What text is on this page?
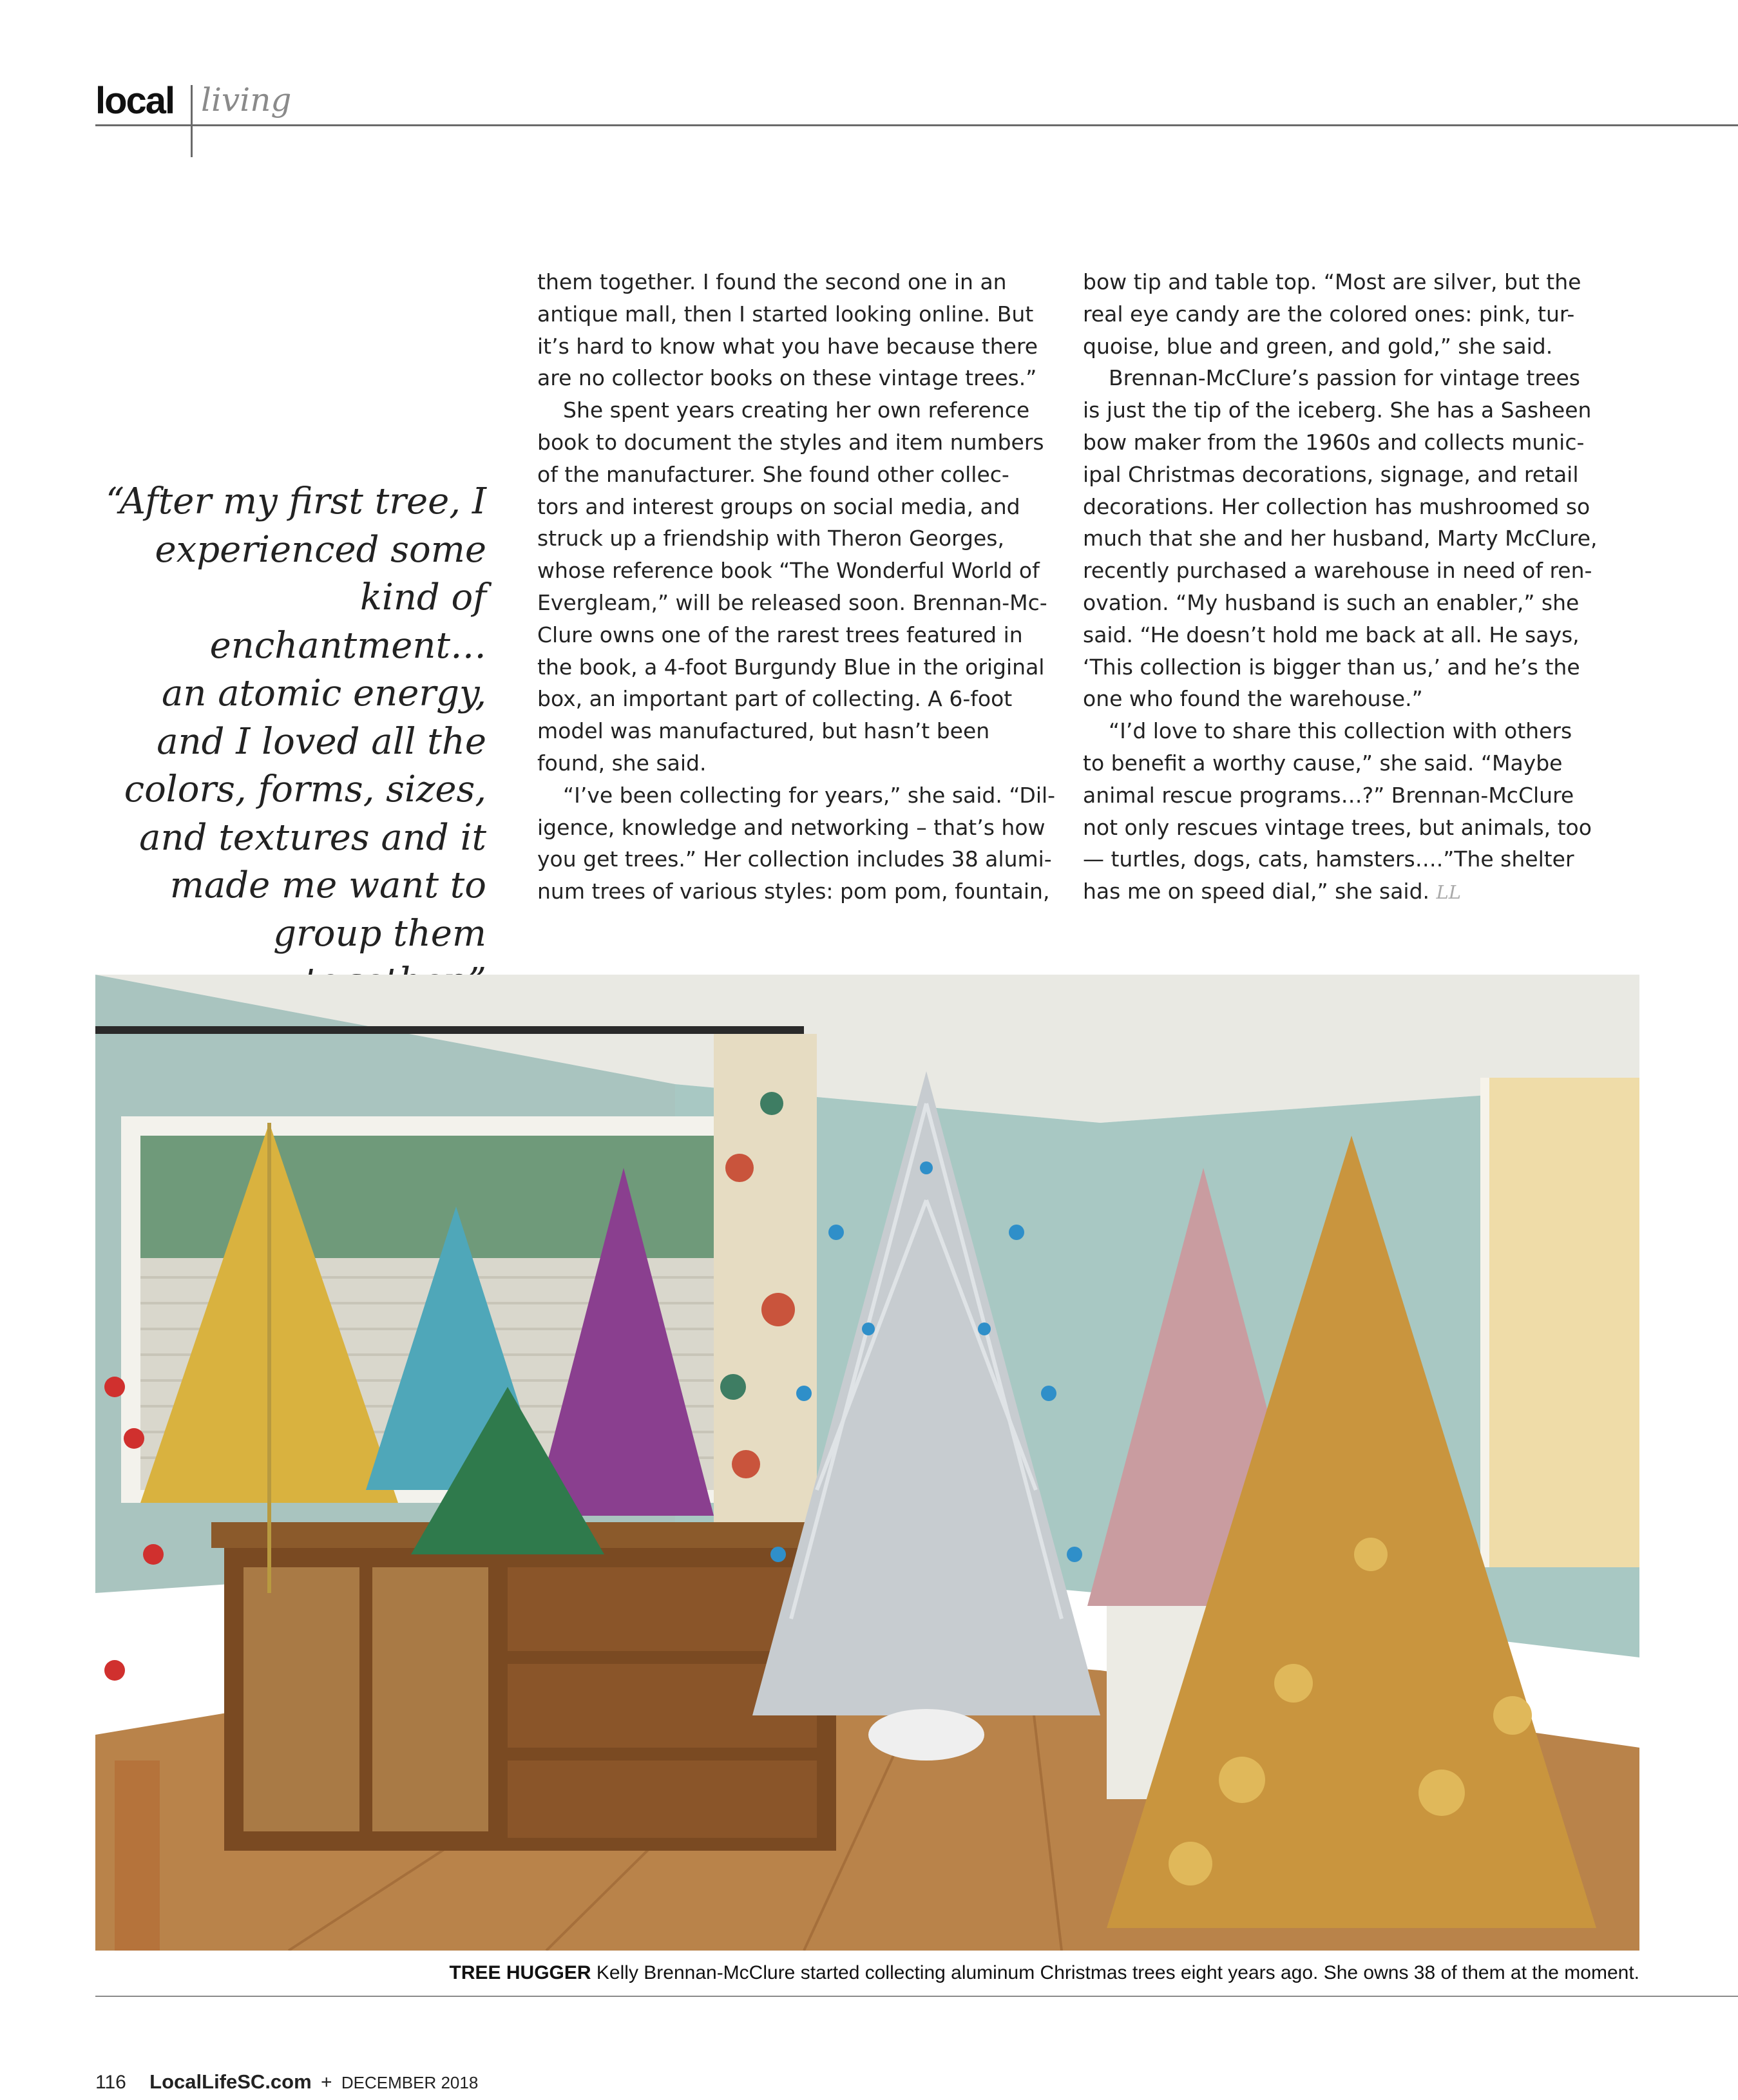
local living
“After my first tree, I
experienced some
kind of enchantment…
an atomic energy,
and I loved all the
colors, forms, sizes,
and textures and it
made me want to
group them

them together. I found the second one in an

antique mall, then I started looking online. But

it’s hard to know what you have because there

are no collector books on these vintage trees.”

She spent years creating her own reference

book to document the styles and item numbers

of the manufacturer. She found other collec-

tors and interest groups on social media, and

struck up a friendship with Theron Georges,

whose reference book “The Wonderful World of

Evergleam,” will be released soon. Brennan-Mc-

Clure owns one of the rarest trees featured in

the book, a 4-foot Burgundy Blue in the original

box, an important part of collecting. A 6-foot

model was manufactured, but hasn’t been

found, she said.

“I’ve been collecting for years,” she said. “Dil-

igence, knowledge and networking – that’s how

you get trees.” Her collection includes 38 alumi-

num trees of various styles: pom pom, fountain,

bow tip and table top. “Most are silver, but the

real eye candy are the colored ones: pink, tur-

quoise, blue and green, and gold,” she said.

Brennan-McClure’s passion for vintage trees

is just the tip of the iceberg. She has a Sasheen

bow maker from the 1960s and collects munic-

ipal Christmas decorations, signage, and retail

decorations. Her collection has mushroomed so

much that she and her husband, Marty McClure,

recently purchased a warehouse in need of ren-

ovation. “My husband is such an enabler,” she

said. “He doesn’t hold me back at all. He says,

‘This collection is bigger than us,’ and he’s the

one who found the warehouse.”

“I’d love to share this collection with others

to benefit a worthy cause,” she said. “Maybe

animal rescue programs…?” Brennan-McClure

not only rescues vintage trees, but animals, too

— turtles, dogs, cats, hamsters….”The shelter

has me on speed dial,” she said. LL

TREE HUGGER Kelly Brennan-McClure started collecting aluminum Christmas trees eight years ago. She owns 38 of them at the moment.
116 LocalLifeSC.com + DECEMBER 2018
